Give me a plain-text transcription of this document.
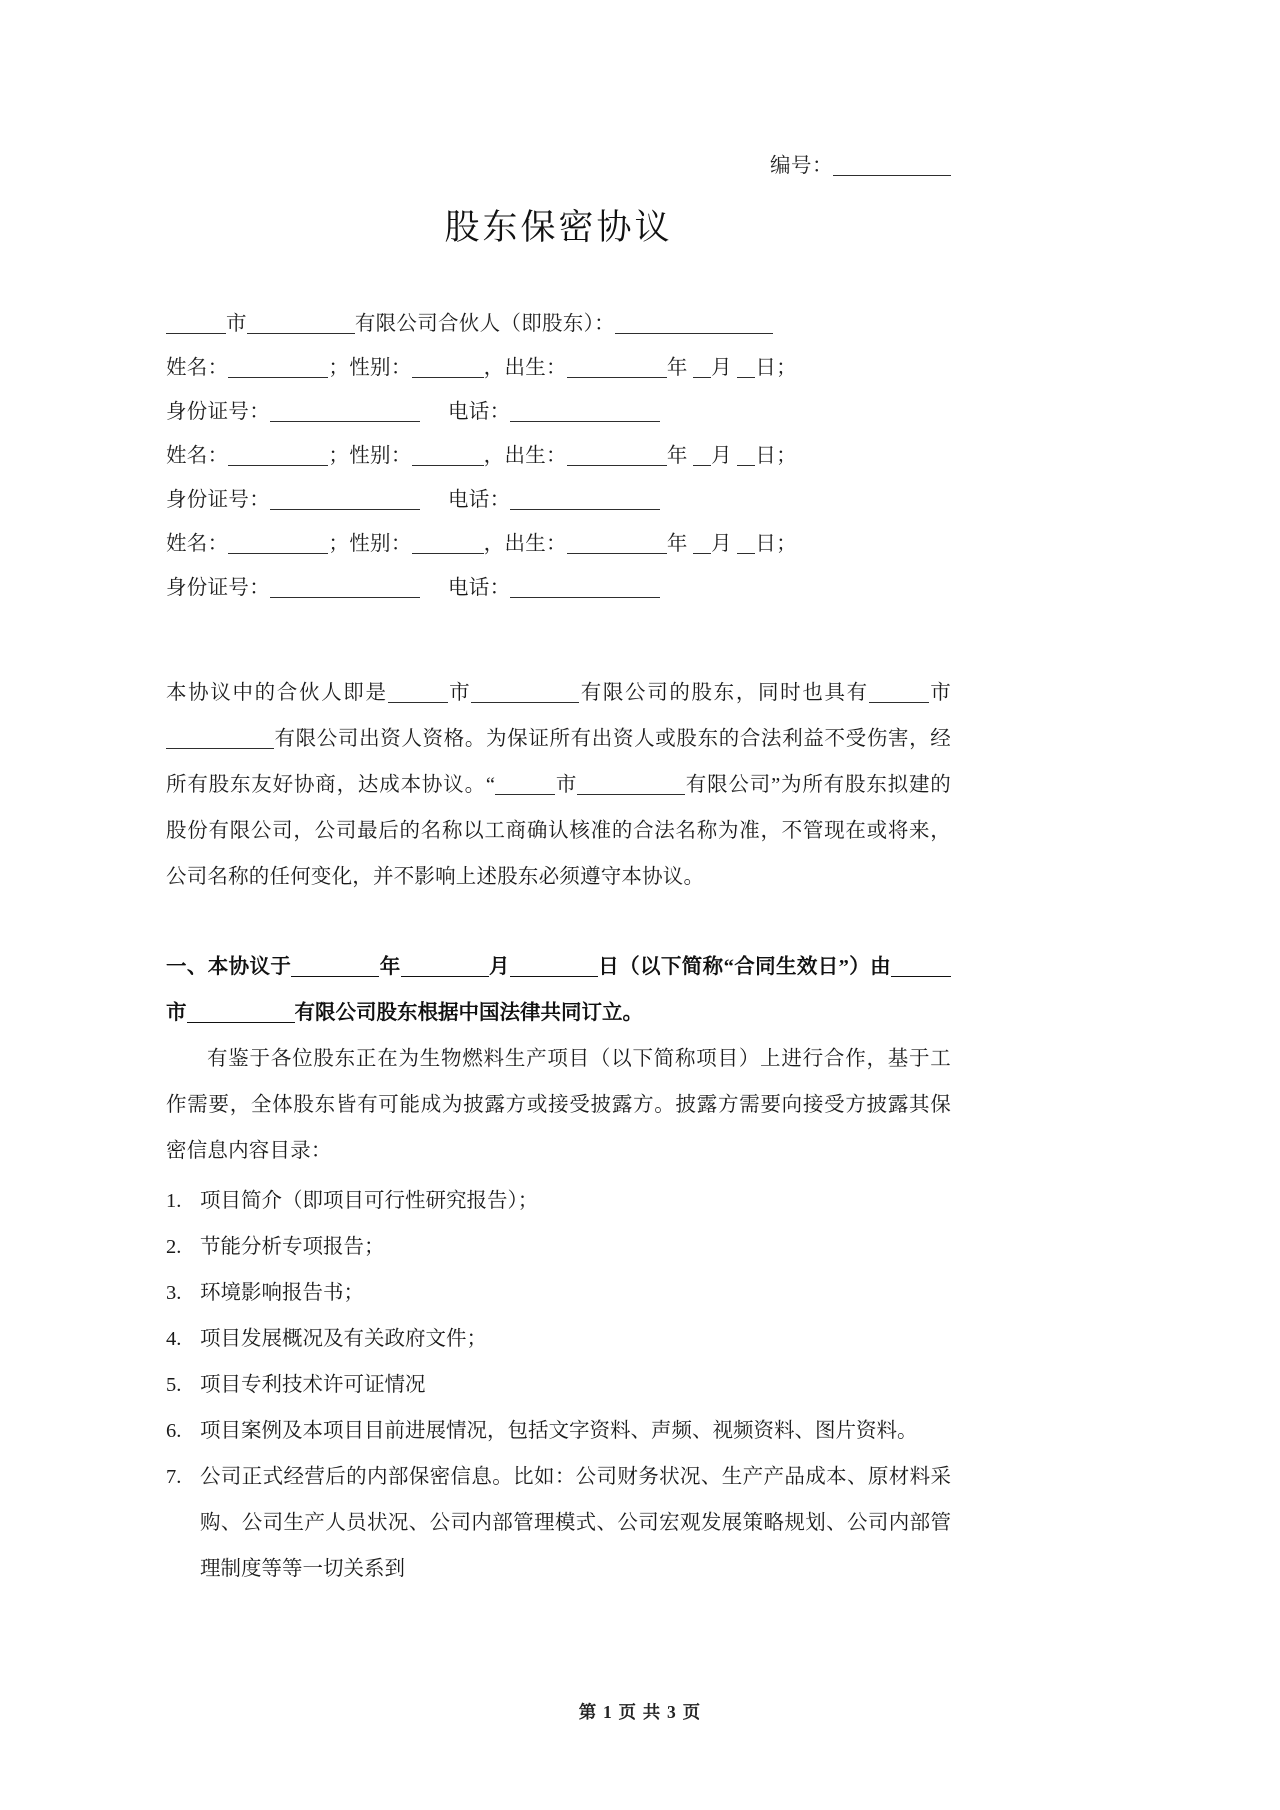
编号：
股东保密协议
市	有限公司合伙人（即股东）：
姓名：	；性别：	，出生：	年 月 日；
身份证号：	电话：
姓名：	；性别：	，出生：	年 月 日；
身份证号：	电话：
姓名：	；性别：	，出生：	年 月 日；
身份证号：	电话：
本协议中的合伙人即是	市	有限公司的股东，同时也具有	市有限公司出资人资格。为保证所有出资人或股东的合法利益不受伤害，经所有股东友好协商，达成本协议。“	市	有限公司”为所有股东拟建的股份有限公司，公司最后的名称以工商确认核准的合法名称为准，不管现在或将来，公司名称的任何变化，并不影响上述股东必须遵守本协议。
一、本协议于	年	月	日（以下简称“合同生效日”）由市	有限公司股东根据中国法律共同订立。
有鉴于各位股东正在为生物燃料生产项目（以下简称项目）上进行合作，基于工作需要，全体股东皆有可能成为披露方或接受披露方。披露方需要向接受方披露其保密信息内容目录：
1. 项目简介（即项目可行性研究报告）；
2. 节能分析专项报告；
3. 环境影响报告书；
4. 项目发展概况及有关政府文件；
5. 项目专利技术许可证情况
6. 项目案例及本项目目前进展情况，包括文字资料、声频、视频资料、图片资料。
7. 公司正式经营后的内部保密信息。比如：公司财务状况、生产产品成本、原材料采购、公司生产人员状况、公司内部管理模式、公司宏观发展策略规划、公司内部管理制度等等一切关系到
第 1 页 共 3 页
